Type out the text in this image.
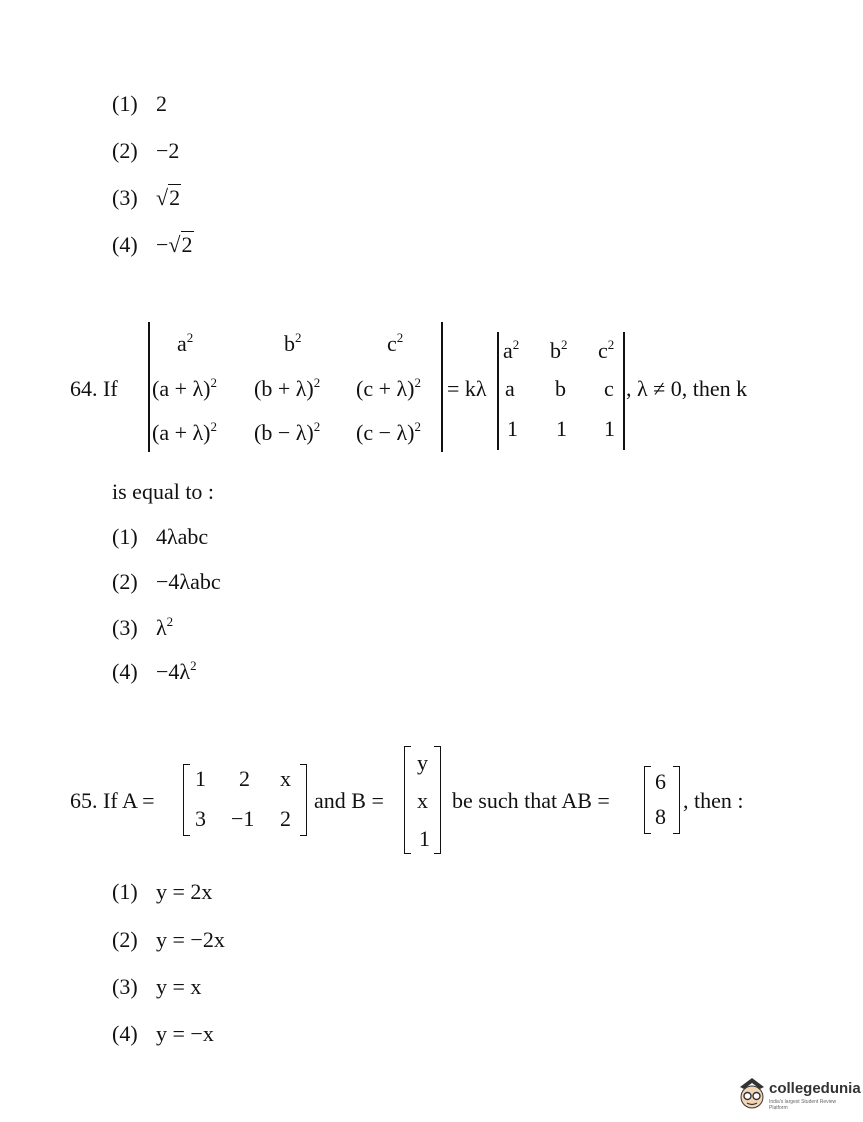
(1) 2
(2) −2
(3) √2
(4) −√2
64. If
$a^2$	$b^2$	$c^2$
$(a + \lambda)^2$ $(b + \lambda)^2$ $(c + \lambda)^2$
$(a + \lambda)^2$ $(b - \lambda)^2$ $(c - \lambda)^2$
= kλ
$a^2$ $b^2$ $c^2$
a b c
1 1 1
, λ ≠ 0, then k
is equal to :
(1) 4λabc
(2) −4λabc
(3) $\lambda^2$
$(4) -4\lambda^2$
65. If A =
1 2 x
3 −1 2
and B =
y
x
1
be such that AB =
6
8
, then :
(1) y = 2x
(2) y = −2x
(3) y = x
(4) y = −x
collegedunia
India's largest Student Review Platform
